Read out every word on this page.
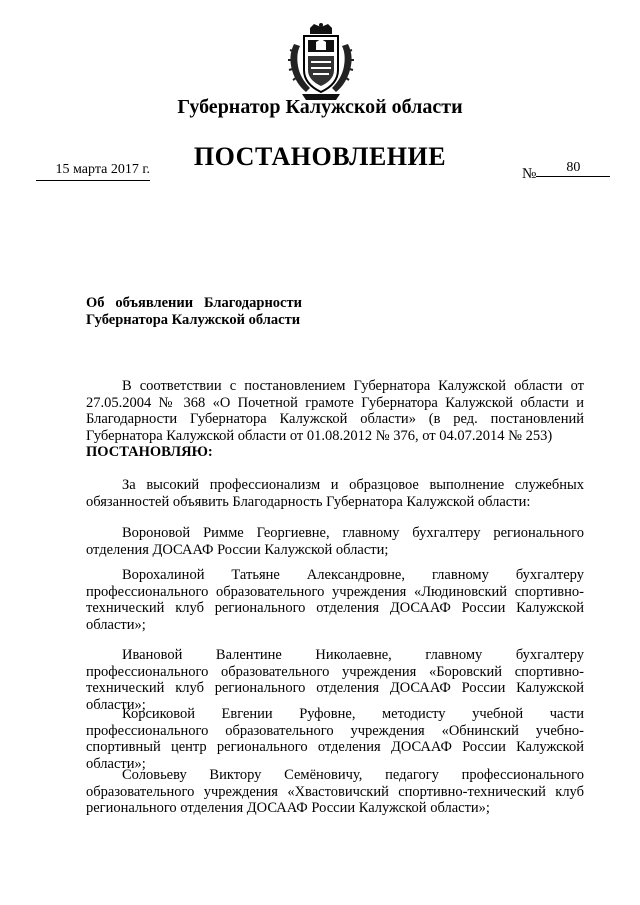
Губернатор Калужской области
ПОСТАНОВЛЕНИЕ
15 марта 2017 г.	№ 80
Об объявлении Благодарности
Губернатора Калужской области
В соответствии с постановлением Губернатора Калужской области от 27.05.2004 № 368 «О Почетной грамоте Губернатора Калужской области и Благодарности Губернатора Калужской области» (в ред. постановлений Губернатора Калужской области от 01.08.2012 № 376, от 04.07.2014 № 253)
ПОСТАНОВЛЯЮ:
За высокий профессионализм и образцовое выполнение служебных обязанностей объявить Благодарность Губернатора Калужской области:
Вороновой Римме Георгиевне, главному бухгалтеру регионального отделения ДОСААФ России Калужской области;
Ворохалиной Татьяне Александровне, главному бухгалтеру профессионального образовательного учреждения «Людиновский спортивно-технический клуб регионального отделения ДОСААФ России Калужской области»;
Ивановой Валентине Николаевне, главному бухгалтеру профессионального образовательного учреждения «Боровский спортивно-технический клуб регионального отделения ДОСААФ России Калужской области»;
Корсиковой Евгении Руфовне, методисту учебной части профессионального образовательного учреждения «Обнинский учебно-спортивный центр регионального отделения ДОСААФ России Калужской области»;
Соловьеву Виктору Семёновичу, педагогу профессионального образовательного учреждения «Хвастовичский спортивно-технический клуб регионального отделения ДОСААФ России Калужской области»;
